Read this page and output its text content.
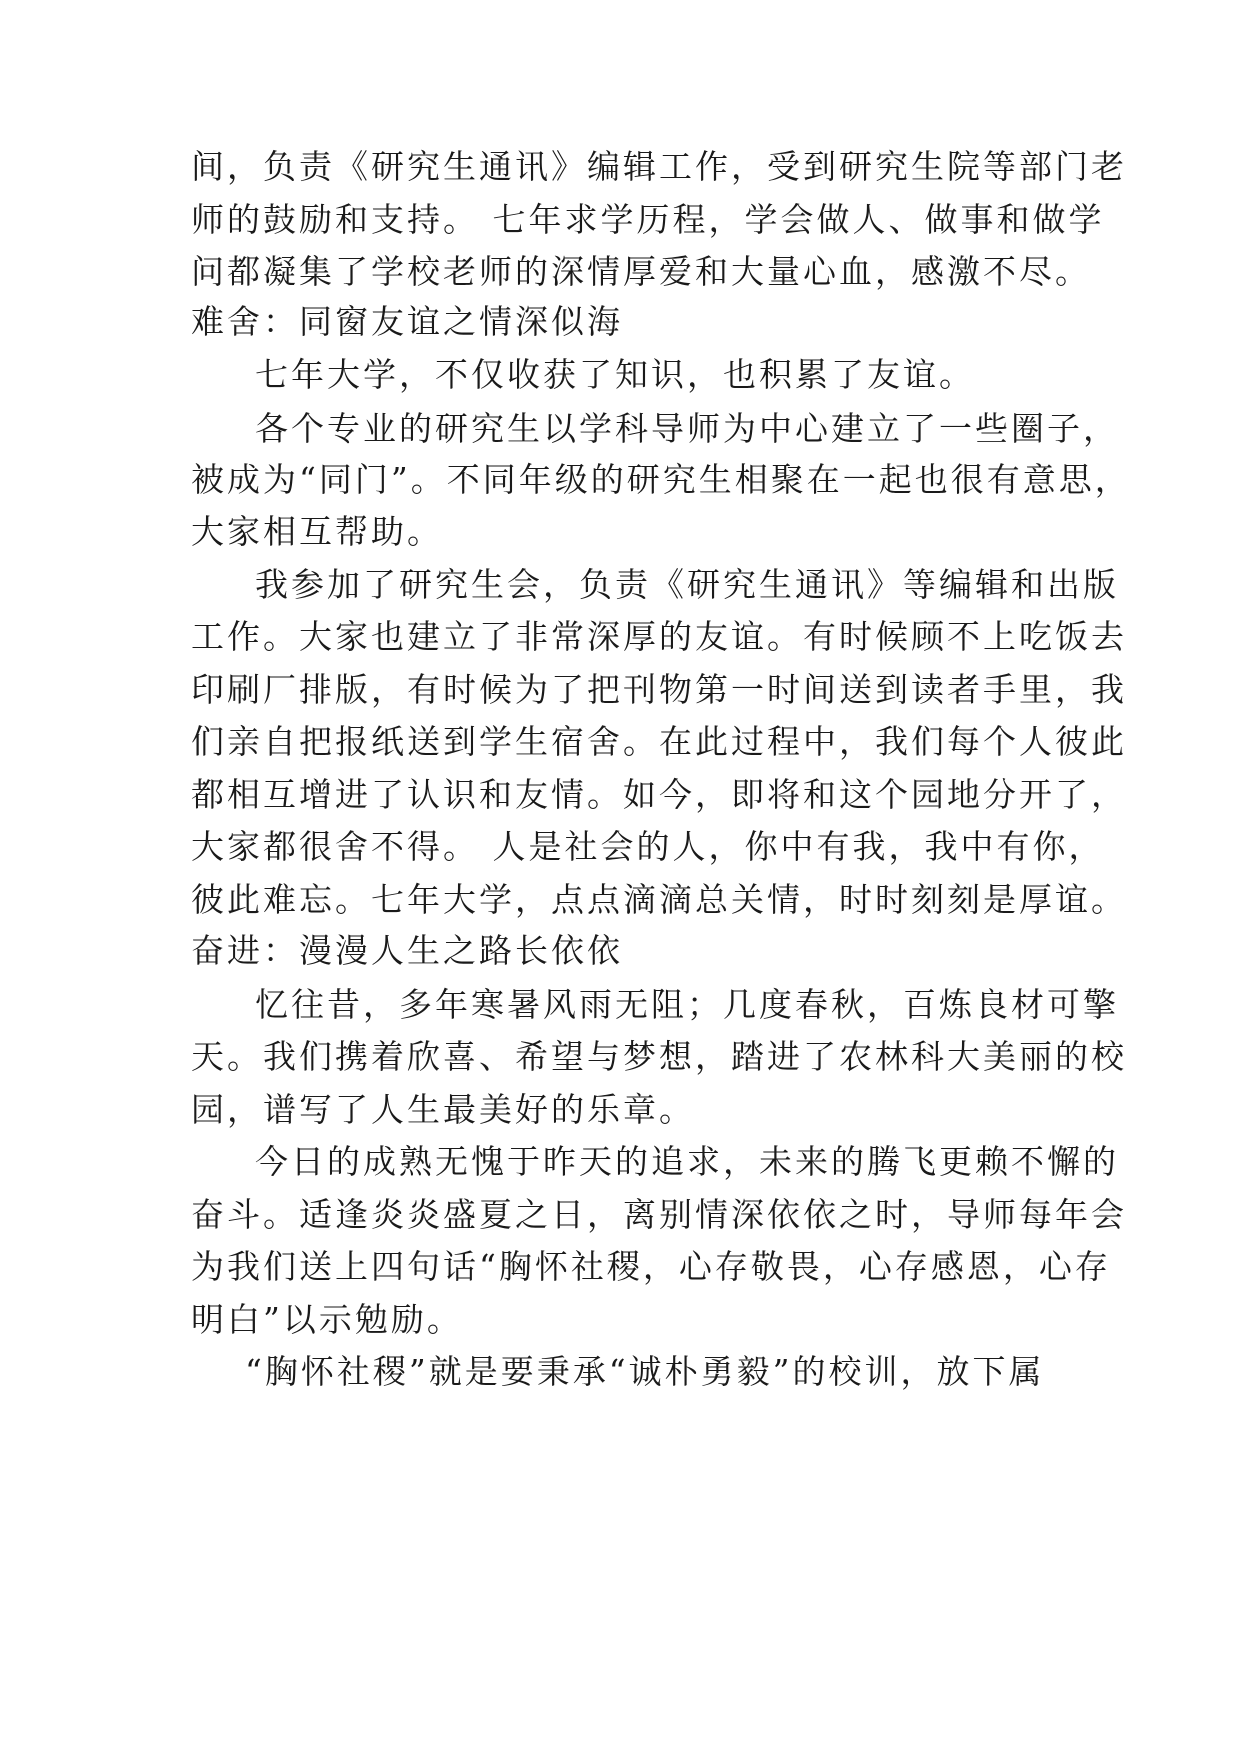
间，负责《研究生通讯》编辑工作，受到研究生院等部门老
师的鼓励和支持。 七年求学历程，学会做人、做事和做学
问都凝集了学校老师的深情厚爱和大量心血，感激不尽。
难舍：同窗友谊之情深似海
七年大学，不仅收获了知识，也积累了友谊。
各个专业的研究生以学科导师为中心建立了一些圈子，
被成为“同门”。不同年级的研究生相聚在一起也很有意思，
大家相互帮助。
我参加了研究生会，负责《研究生通讯》等编辑和出版
工作。大家也建立了非常深厚的友谊。有时候顾不上吃饭去
印刷厂排版，有时候为了把刊物第一时间送到读者手里，我
们亲自把报纸送到学生宿舍。在此过程中，我们每个人彼此
都相互增进了认识和友情。如今，即将和这个园地分开了，
大家都很舍不得。 人是社会的人，你中有我，我中有你，
彼此难忘。七年大学，点点滴滴总关情，时时刻刻是厚谊。
奋进：漫漫人生之路长依依
忆往昔，多年寒暑风雨无阻；几度春秋，百炼良材可擎
天。我们携着欣喜、希望与梦想，踏进了农林科大美丽的校
园，谱写了人生最美好的乐章。
今日的成熟无愧于昨天的追求，未来的腾飞更赖不懈的
奋斗。适逢炎炎盛夏之日，离别情深依依之时，导师每年会
为我们送上四句话“胸怀社稷，心存敬畏，心存感恩，心存
明白”以示勉励。
“胸怀社稷”就是要秉承“诚朴勇毅”的校训，放下属
